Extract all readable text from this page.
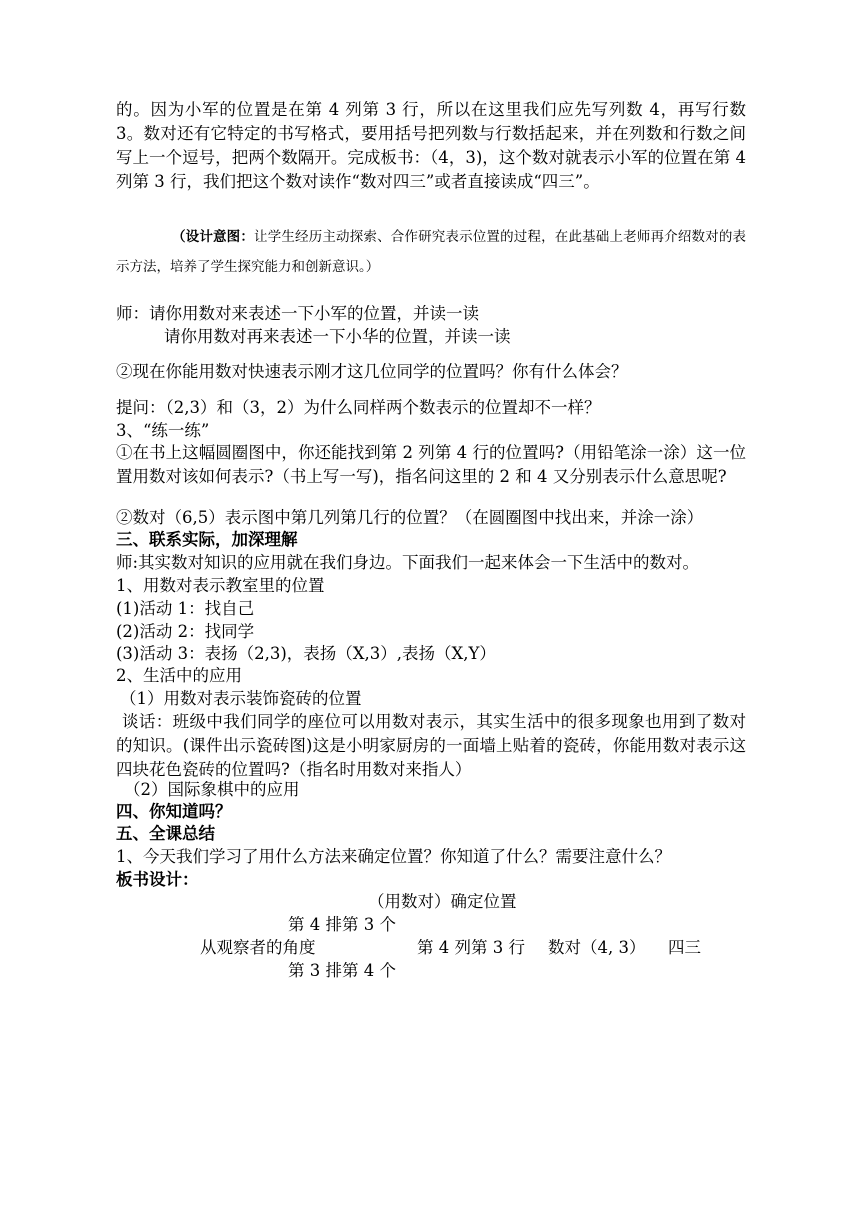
的。因为小军的位置是在第 4 列第 3 行，所以在这里我们应先写列数 4，再写行数 3。数对还有它特定的书写格式，要用括号把列数与行数括起来，并在列数和行数之间写上一个逗号，把两个数隔开。完成板书：（4，3)，这个数对就表示小军的位置在第 4 列第 3 行，我们把这个数对读作“数对四三”或者直接读成“四三”。

（设计意图：让学生经历主动探索、合作研究表示位置的过程，在此基础上老师再介绍数对的表示方法，培养了学生探究能力和创新意识。）

师：请你用数对来表述一下小军的位置，并读一读

请你用数对再来表述一下小华的位置，并读一读

②现在你能用数对快速表示刚才这几位同学的位置吗？你有什么体会？

提问：（2,3）和（3，2）为什么同样两个数表示的位置却不一样？

3、“练一练”

①在书上这幅圆圈图中，你还能找到第 2 列第 4 行的位置吗?（用铅笔涂一涂）这一位置用数对该如何表示?（书上写一写)，指名问这里的 2 和 4 又分别表示什么意思呢?

②数对（6,5）表示图中第几列第几行的位置？（在圆圈图中找出来，并涂一涂）

三、联系实际，加深理解

师:其实数对知识的应用就在我们身边。下面我们一起来体会一下生活中的数对。

1、用数对表示教室里的位置

(1)活动 1：找自己

(2)活动 2：找同学

(3)活动 3：表扬（2,3)，表扬（X,3）,表扬（X,Y）

2、生活中的应用

（1）用数对表示装饰瓷砖的位置

谈话：班级中我们同学的座位可以用数对表示，其实生活中的很多现象也用到了数对的知识。(课件出示瓷砖图)这是小明家厨房的一面墙上贴着的瓷砖，你能用数对表示这四块花色瓷砖的位置吗?（指名时用数对来指人）

（2）国际象棋中的应用

四、你知道吗？

五、全课总结

1、今天我们学习了用什么方法来确定位置？你知道了什么？需要注意什么？

板书设计：

（用数对）确定位置
第 4 排第 3 个
从观察者的角度	第 4 列第 3 行 数对（4, 3） 四三
第 3 排第 4 个
